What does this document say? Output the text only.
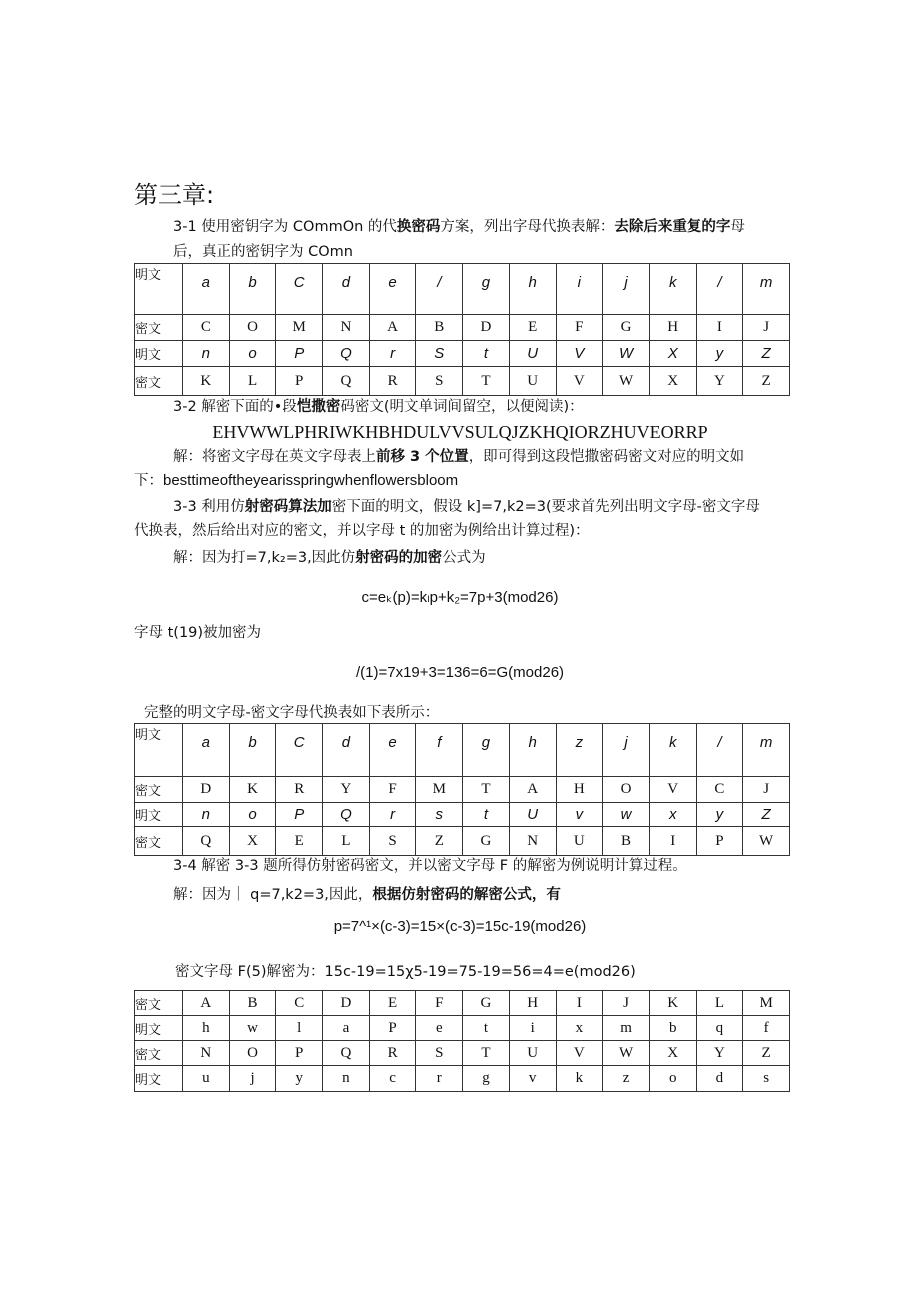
第三章:
3-1 使用密钥字为 COmmOn 的代换密码方案，列出字母代换表解：去除后来重复的字母
后，真正的密钥字为 COmn
明文	a	b	C	d	e	/	g	h	i	j	k	/	m
密文	C	O	M	N	A	B	D	E	F	G	H	I	J
明文	n	o	P	Q	r	S	t	U	V	W	X	y	Z
密文	K	L	P	Q	R	S	T	U	V	W	X	Y	Z
3-2 解密下面的•段恺撒密码密文(明文单词间留空，以便阅读)：
EHVWWLPHRIWKHBHDULVVSULQJZKHQIORZHUVEORRP
解：将密文字母在英文字母表上前移 3 个位置，即可得到这段恺撒密码密文对应的明文如
下：besttimeoftheyearisspringwhenflowersbloom
3-3 利用仿射密码算法加密下面的明文，假设 k]=7,k2=3(要求首先列出明文字母-密文字母
代换表，然后给出对应的密文，并以字母 t 的加密为例给出计算过程)：
解：因为打=7,k₂=3,因此仿射密码的加密公式为
c=eₖ(p)=kₗp+k₂=7p+3(mod26)
字母 t(19)被加密为
/(1)=7x19+3=136=6=G(mod26)
完整的明文字母-密文字母代换表如下表所示：
明文	a	b	C	d	e	f	g	h	z	j	k	/	m
密文	D	K	R	Y	F	M	T	A	H	O	V	C	J
明文	n	o	P	Q	r	s	t	U	v	w	x	y	Z
密文	Q	X	E	L	S	Z	G	N	U	B	I	P	W
3-4 解密 3-3 题所得仿射密码密文，并以密文字母 F 的解密为例说明计算过程。
解：因为｜ q=7,k2=3,因此，根据仿射密码的解密公式，有
p=7^¹×(c-3)=15×(c-3)=15c-19(mod26)
密文字母 F(5)解密为：15c-19=15χ5-19=75-19=56=4=e(mod26)
密文	A	B	C	D	E	F	G	H	I	J	K	L	M
明文	h	w	l	a	P	e	t	i	x	m	b	q	f
密文	N	O	P	Q	R	S	T	U	V	W	X	Y	Z
明文	u	j	y	n	c	r	g	v	k	z	o	d	s
